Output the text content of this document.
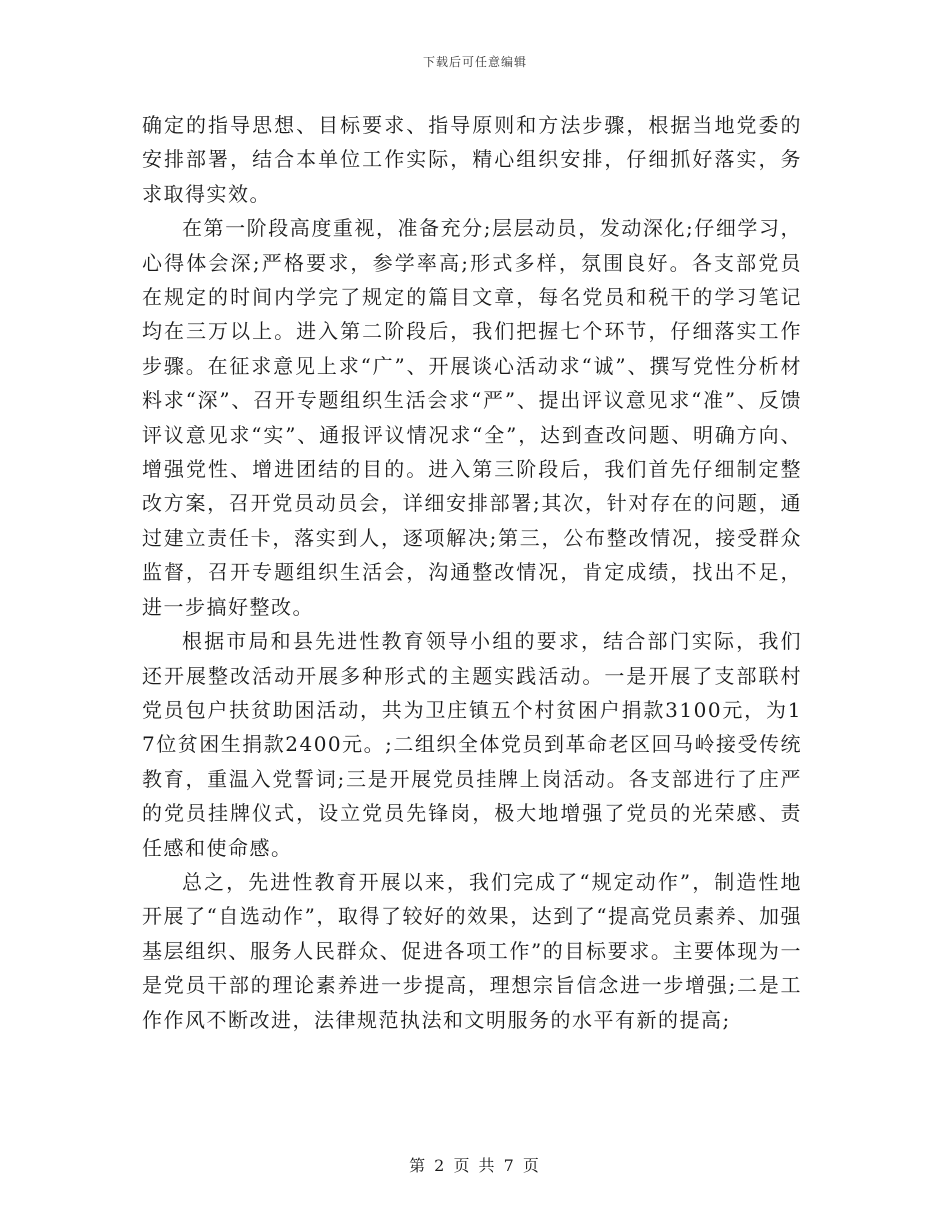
下载后可任意编辑

确定的指导思想、目标要求、指导原则和方法步骤，根据当地党委的安排部署，结合本单位工作实际，精心组织安排，仔细抓好落实，务求取得实效。

在第一阶段高度重视，准备充分;层层动员，发动深化;仔细学习，心得体会深;严格要求，参学率高;形式多样，氛围良好。各支部党员在规定的时间内学完了规定的篇目文章，每名党员和税干的学习笔记均在三万以上。进入第二阶段后，我们把握七个环节，仔细落实工作步骤。在征求意见上求“广”、开展谈心活动求“诚”、撰写党性分析材料求“深”、召开专题组织生活会求“严”、提出评议意见求“准”、反馈评议意见求“实”、通报评议情况求“全”，达到查改问题、明确方向、增强党性、增进团结的目的。进入第三阶段后，我们首先仔细制定整改方案，召开党员动员会，详细安排部署;其次，针对存在的问题，通过建立责任卡，落实到人，逐项解决;第三，公布整改情况，接受群众监督，召开专题组织生活会，沟通整改情况，肯定成绩，找出不足，进一步搞好整改。

根据市局和县先进性教育领导小组的要求，结合部门实际，我们还开展整改活动开展多种形式的主题实践活动。一是开展了支部联村党员包户扶贫助困活动，共为卫庄镇五个村贫困户捐款3100元，为17位贫困生捐款2400元。;二组织全体党员到革命老区回马岭接受传统教育，重温入党誓词;三是开展党员挂牌上岗活动。各支部进行了庄严的党员挂牌仪式，设立党员先锋岗，极大地增强了党员的光荣感、责任感和使命感。

总之，先进性教育开展以来，我们完成了“规定动作”，制造性地开展了“自选动作”，取得了较好的效果，达到了“提高党员素养、加强基层组织、服务人民群众、促进各项工作”的目标要求。主要体现为一是党员干部的理论素养进一步提高，理想宗旨信念进一步增强;二是工作作风不断改进，法律规范执法和文明服务的水平有新的提高;

第 2 页 共 7 页
